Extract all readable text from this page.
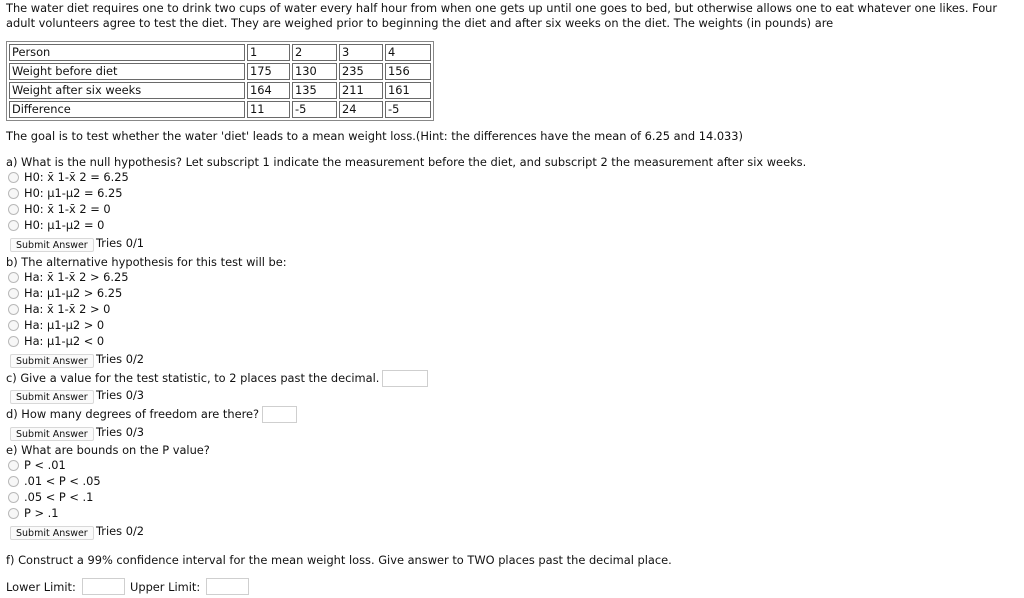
The water diet requires one to drink two cups of water every half hour from when one gets up until one goes to bed, but otherwise allows one to eat whatever one likes. Four adult volunteers agree to test the diet. They are weighed prior to beginning the diet and after six weeks on the diet. The weights (in pounds) are
Person	1	2	3	4
Weight before diet	175	130	235	156
Weight after six weeks	164	135	211	161
Difference	11	-5	24	-5
The goal is to test whether the water 'diet' leads to a mean weight loss.(Hint: the differences have the mean of 6.25 and 14.033)
a) What is the null hypothesis? Let subscript 1 indicate the measurement before the diet, and subscript 2 the measurement after six weeks.
H0: x̄ 1-x̄ 2 = 6.25
H0: μ1-μ2 = 6.25
H0: x̄ 1-x̄ 2 = 0
H0: μ1-μ2 = 0
Submit Answer Tries 0/1
b) The alternative hypothesis for this test will be:
Ha: x̄ 1-x̄ 2 > 6.25
Ha: μ1-μ2 > 6.25
Ha: x̄ 1-x̄ 2 > 0
Ha: μ1-μ2 > 0
Ha: μ1-μ2 < 0
Submit Answer Tries 0/2
c) Give a value for the test statistic, to 2 places past the decimal.
Submit Answer Tries 0/3
d) How many degrees of freedom are there?
Submit Answer Tries 0/3
e) What are bounds on the P value?
P < .01
.01 < P < .05
.05 < P < .1
P > .1
Submit Answer Tries 0/2
f) Construct a 99% confidence interval for the mean weight loss. Give answer to TWO places past the decimal place.
Lower Limit:	Upper Limit:
